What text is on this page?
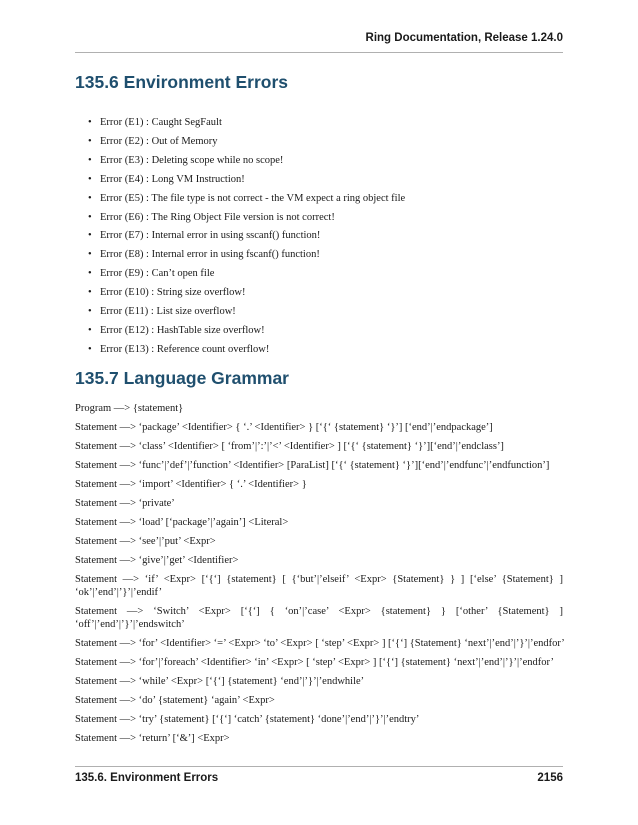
Ring Documentation, Release 1.24.0
135.6 Environment Errors
• Error (E1) : Caught SegFault
• Error (E2) : Out of Memory
• Error (E3) : Deleting scope while no scope!
• Error (E4) : Long VM Instruction!
• Error (E5) : The file type is not correct - the VM expect a ring object file
• Error (E6) : The Ring Object File version is not correct!
• Error (E7) : Internal error in using sscanf() function!
• Error (E8) : Internal error in using fscanf() function!
• Error (E9) : Can’t open file
• Error (E10) : String size overflow!
• Error (E11) : List size overflow!
• Error (E12) : HashTable size overflow!
• Error (E13) : Reference count overflow!
135.7 Language Grammar

Program —> {statement}

Statement —> ‘package’ <Identifier> { ‘.’ <Identifier> } [‘{‘ {statement} ‘}’] [‘end’|’endpackage’]

Statement —> ‘class’ <Identifier> [ ‘from’|’:’|’<’ <Identifier> ] [‘{‘ {statement} ‘}’][‘end’|’endclass’]

Statement —> ‘func’|’def’|’function’ <Identifier> [ParaList] [‘{‘ {statement} ‘}’][‘end’|’endfunc’|’endfunction’]

Statement —> ‘import’ <Identifier> { ‘.’ <Identifier> }

Statement —> ‘private’

Statement —> ‘load’ [‘package’|’again’] <Literal>

Statement —> ‘see’|’put’ <Expr>

Statement —> ‘give’|’get’ <Identifier>

Statement —> ‘if’ <Expr> [‘{‘] {statement} [ {‘but’|’elseif’ <Expr> {Statement} } ] [‘else’ {Statement} ] ‘ok’|’end’|’}’|’endif’

Statement —> ‘Switch’ <Expr> [‘{‘] { ‘on’|’case’ <Expr> {statement} } [‘other’ {Statement} ] ‘off’|’end’|’}’|’endswitch’

Statement —> ‘for’ <Identifier> ‘=’ <Expr> ‘to’ <Expr> [ ‘step’ <Expr> ] [‘{‘] {Statement} ‘next’|’end’|’}’|’endfor’

Statement —> ‘for’|’foreach’ <Identifier> ‘in’ <Expr> [ ‘step’ <Expr> ] [‘{‘] {statement} ‘next’|’end’|’}’|’endfor’

Statement —> ‘while’ <Expr> [‘{‘] {statement} ‘end’|’}’|’endwhile’

Statement —> ‘do’ {statement} ‘again’ <Expr>

Statement —> ‘try’ {statement} [‘{‘] ‘catch’ {statement} ‘done’|’end’|’}’|’endtry’

Statement —> ‘return’ [‘&’] <Expr>

135.6. Environment Errors	2156
